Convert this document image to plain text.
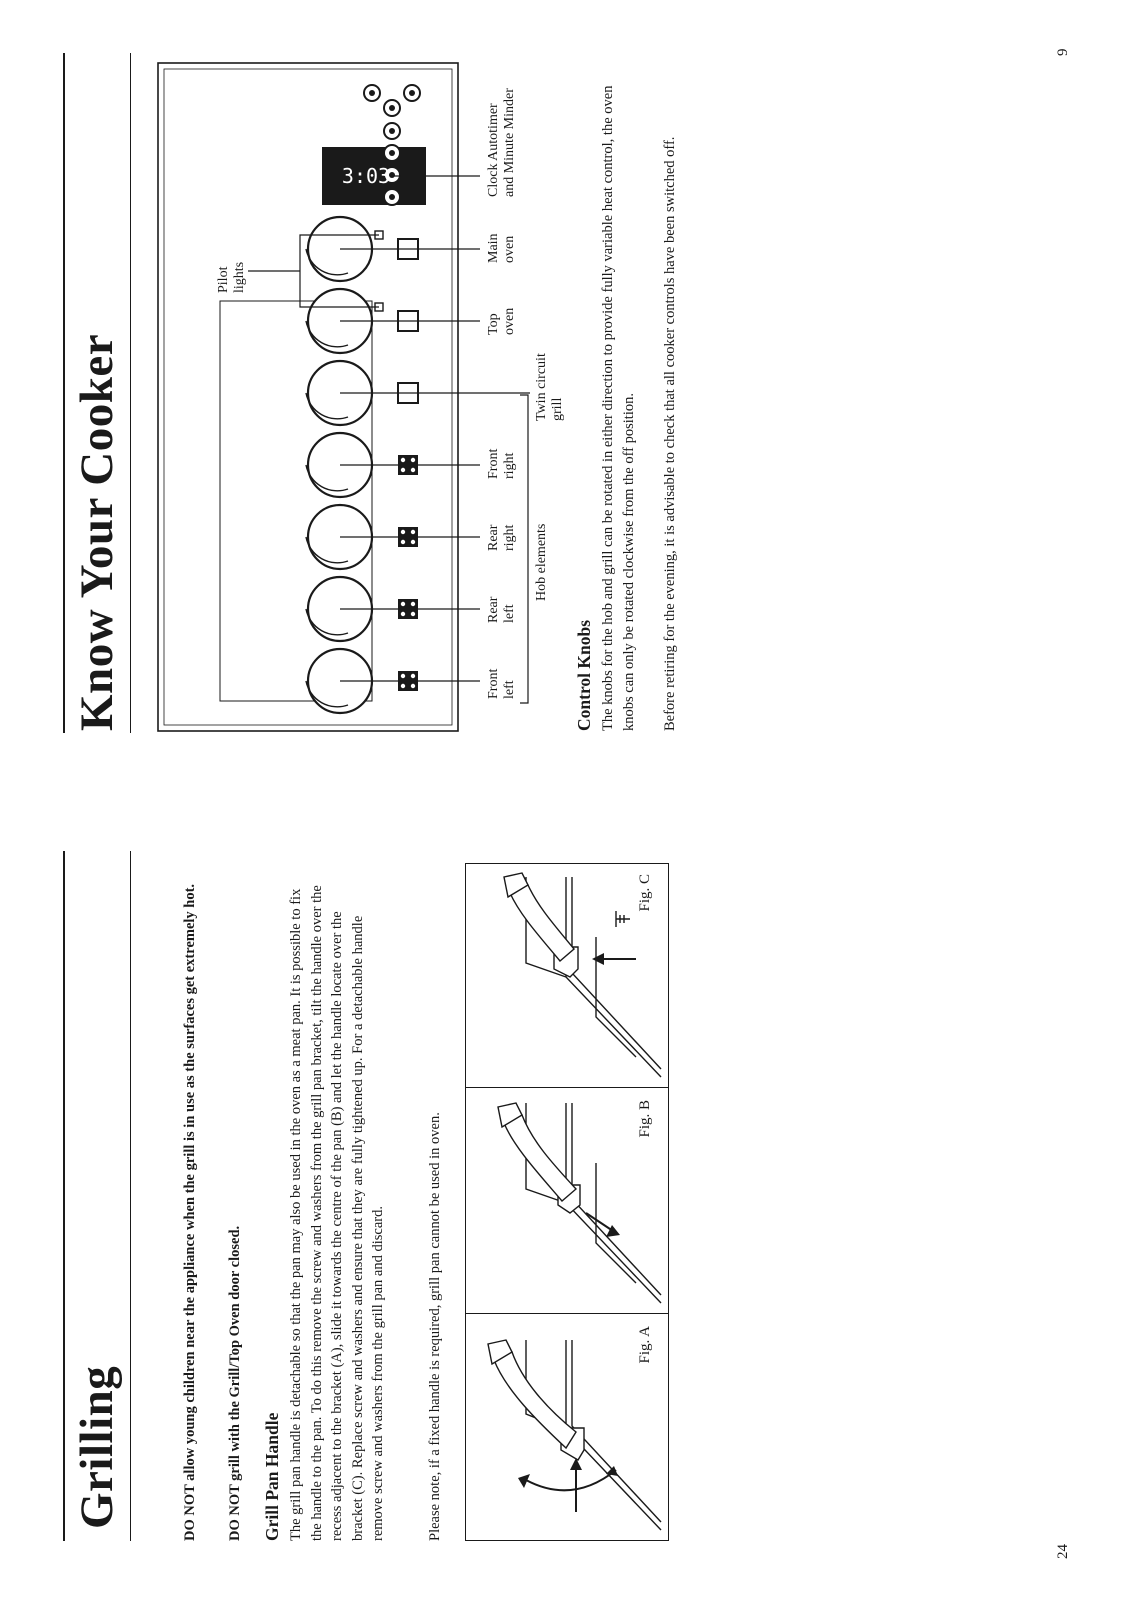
24
Grilling	DO NOT allow young children near the appliance when the grill is in use as the surfaces get extremely hot. DO NOT grill with the Grill/Top Oven door closed. Grill Pan Handle The grill pan handle is detachable so that the pan may also be used in the oven as a meat pan. It is possible to fix the handle to the pan. To do this remove the screw and washers from the grill pan bracket, tilt the handle over the recess adjacent to the bracket (A), slide it towards the centre of the pan (B) and let the handle locate over the bracket (C). Replace screw and washers and ensure that they are fully tightened up. For a detachable handle remove screw and washers from the grill pan and discard.	Please note, if a fixed handle is required, grill pan cannot be used in oven.	Fig. A
Fig. B
Fig. C
9
Know Your Cooker
3:03
Front
left
Rear
left
Rear
right
Front
right
Twin circuit
grill
Top
oven
Main
oven
Hob elements
Pilot
lights
Clock Autotimer
and Minute Minder
Control Knobs The knobs for the hob and grill can be rotated in either direction to provide fully variable heat control, the oven knobs can only be rotated clockwise from the off position. Before retiring for the evening, it is advisable to check that all cooker controls have been switched off.
